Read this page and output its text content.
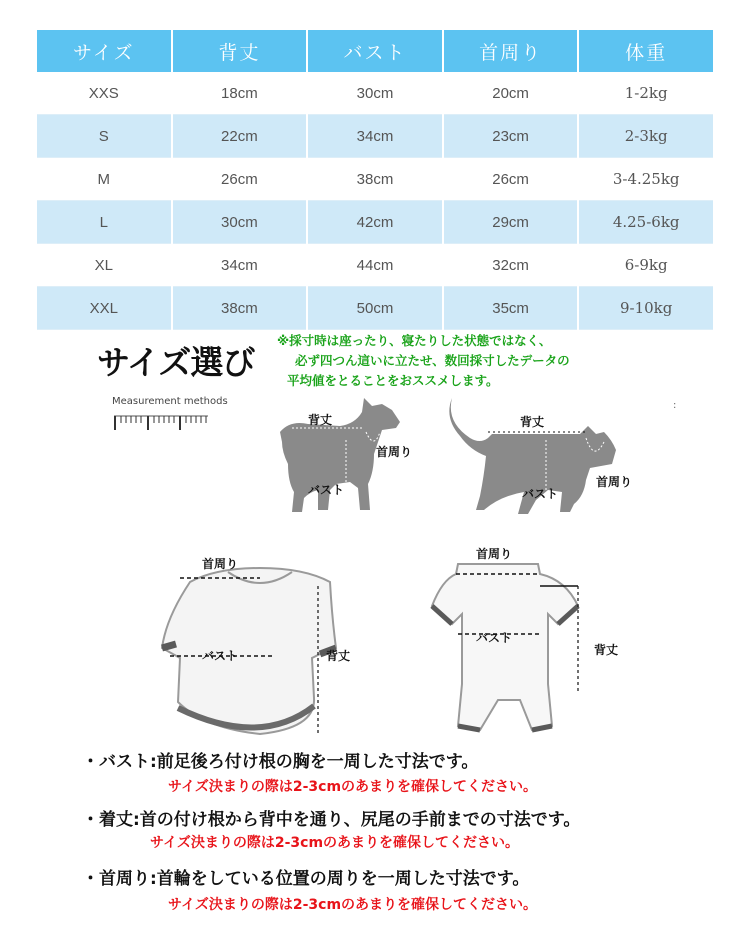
サイズ	背丈	バスト	首周り	体重
XXS	18cm	30cm	20cm	1-2kg
S	22cm	34cm	23cm	2-3kg
M	26cm	38cm	26cm	3-4.25kg
L	30cm	42cm	29cm	4.25-6kg
XL	34cm	44cm	32cm	6-9kg
XXL	38cm	50cm	35cm	9-10kg
サイズ選び
※採寸時は座ったり、寝たりした状態ではなく、
必ず四つん這いに立たせ、数回採寸したデータの
平均値をとることをおススメします。
Measurement methods	:
背丈
首周り
バスト
背丈
首周り
バスト
首周り
バスト	背丈
首周り
バスト
背丈
・バスト:前足後ろ付け根の胸を一周した寸法です。
サイズ決まりの際は2-3cmのあまりを確保してください。
・着丈:首の付け根から背中を通り、尻尾の手前までの寸法です。
サイズ決まりの際は2-3cmのあまりを確保してください。
・首周り:首輪をしている位置の周りを一周した寸法です。
サイズ決まりの際は2-3cmのあまりを確保してください。
